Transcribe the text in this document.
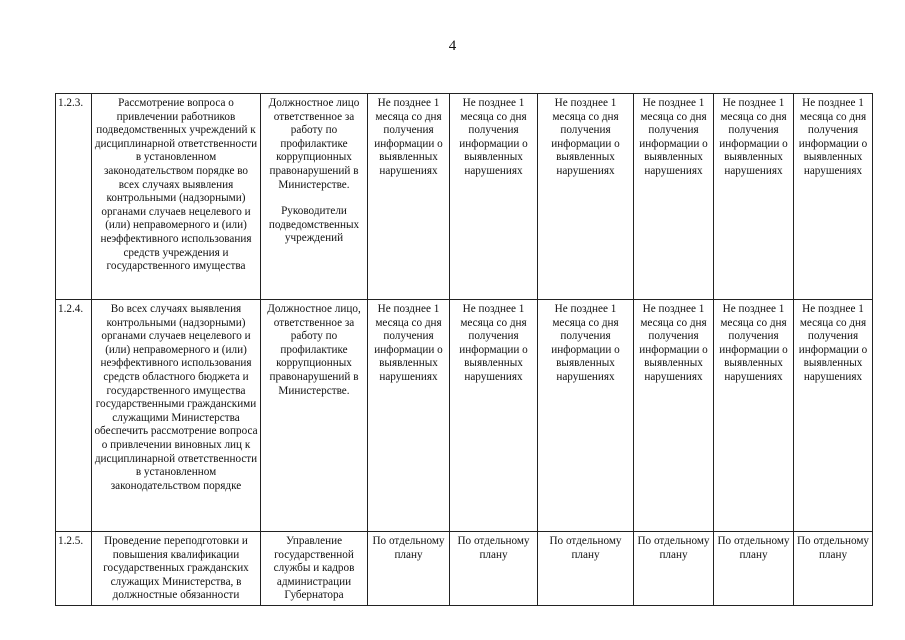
4
1.2.3.	Рассмотрение вопроса о привлечении работников подведомственных учреждений к дисциплинарной ответственности в установленном законодательством порядке во всех случаях выявления контрольными (надзорными) органами случаев нецелевого и (или) неправомерного и (или) неэффективного использования средств учреждения и государственного имущества	Должностное лицо ответственное за работу по профилактике коррупционных правонарушений в Министерстве.
Руководители подведомственных учреждений	Не позднее 1 месяца со дня получения информации о выявленных нарушениях	Не позднее 1 месяца со дня получения информации о выявленных нарушениях	Не позднее 1 месяца со дня получения информации о выявленных нарушениях	Не позднее 1 месяца со дня получения информации о выявленных нарушениях	Не позднее 1 месяца со дня получения информации о выявленных нарушениях	Не позднее 1 месяца со дня получения информации о выявленных нарушениях
1.2.4.	Во всех случаях выявления контрольными (надзорными) органами случаев нецелевого и (или) неправомерного и (или) неэффективного использования средств областного бюджета и государственного имущества государственными гражданскими служащими Министерства обеспечить рассмотрение вопроса о привлечении виновных лиц к дисциплинарной ответственности в установленном законодательством порядке	Должностное лицо, ответственное за работу по профилактике коррупционных правонарушений в Министерстве.	Не позднее 1 месяца со дня получения информации о выявленных нарушениях	Не позднее 1 месяца со дня получения информации о выявленных нарушениях	Не позднее 1 месяца со дня получения информации о выявленных нарушениях	Не позднее 1 месяца со дня получения информации о выявленных нарушениях	Не позднее 1 месяца со дня получения информации о выявленных нарушениях	Не позднее 1 месяца со дня получения информации о выявленных нарушениях
1.2.5.	Проведение переподготовки и повышения квалификации государственных гражданских служащих Министерства, в должностные обязанности	Управление государственной службы и кадров администрации Губернатора	По отдельному плану	По отдельному плану	По отдельному плану	По отдельному плану	По отдельному плану	По отдельному плану
